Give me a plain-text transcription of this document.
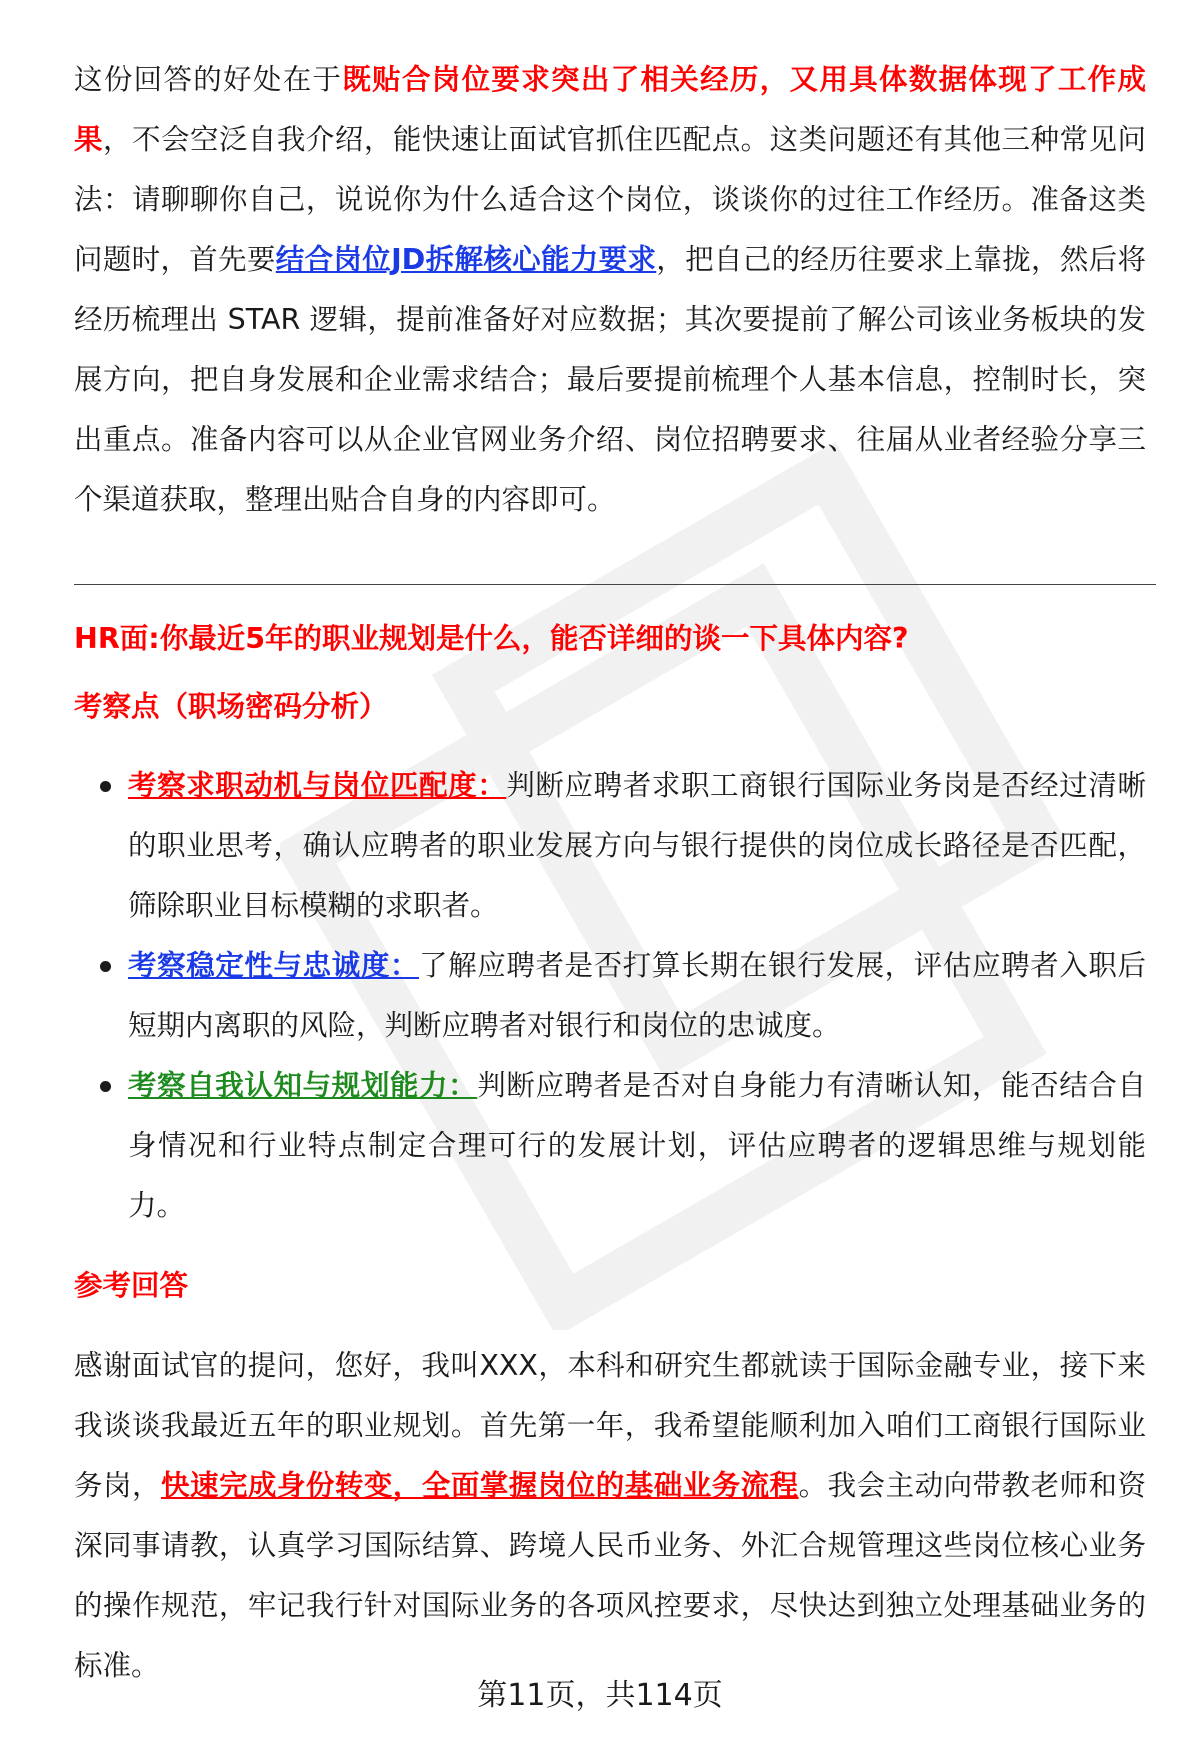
这份回答的好处在于既贴合岗位要求突出了相关经历，又用具体数据体现了工作成果，不会空泛自我介绍，能快速让面试官抓住匹配点。这类问题还有其他三种常见问法：请聊聊你自己，说说你为什么适合这个岗位，谈谈你的过往工作经历。准备这类问题时，首先要结合岗位JD拆解核心能力要求，把自己的经历往要求上靠拢，然后将经历梳理出 STAR 逻辑，提前准备好对应数据；其次要提前了解公司该业务板块的发展方向，把自身发展和企业需求结合；最后要提前梳理个人基本信息，控制时长，突出重点。准备内容可以从企业官网业务介绍、岗位招聘要求、往届从业者经验分享三个渠道获取，整理出贴合自身的内容即可。

HR面:你最近5年的职业规划是什么，能否详细的谈一下具体内容?
考察点（职场密码分析）
考察求职动机与岗位匹配度：判断应聘者求职工商银行国际业务岗是否经过清晰的职业思考，确认应聘者的职业发展方向与银行提供的岗位成长路径是否匹配，筛除职业目标模糊的求职者。
考察稳定性与忠诚度：了解应聘者是否打算长期在银行发展，评估应聘者入职后短期内离职的风险，判断应聘者对银行和岗位的忠诚度。
考察自我认知与规划能力：判断应聘者是否对自身能力有清晰认知，能否结合自身情况和行业特点制定合理可行的发展计划，评估应聘者的逻辑思维与规划能力。
参考回答

感谢面试官的提问，您好，我叫XXX，本科和研究生都就读于国际金融专业，接下来我谈谈我最近五年的职业规划。首先第一年，我希望能顺利加入咱们工商银行国际业务岗，快速完成身份转变，全面掌握岗位的基础业务流程。我会主动向带教老师和资深同事请教，认真学习国际结算、跨境人民币业务、外汇合规管理这些岗位核心业务的操作规范，牢记我行针对国际业务的各项风控要求，尽快达到独立处理基础业务的标准。

第11页，共114页
